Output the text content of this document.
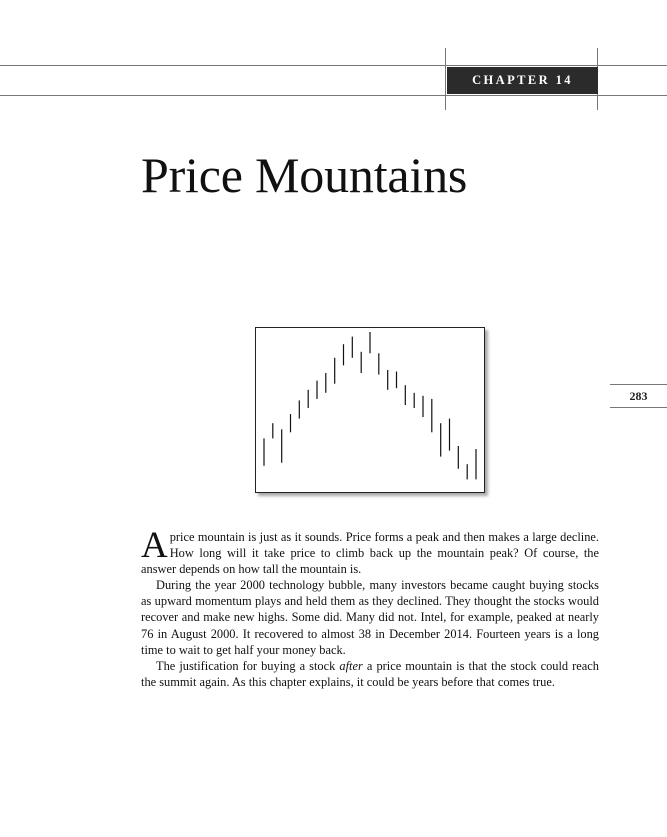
CHAPTER 14
Price Mountains
283

Aprice mountain is just as it sounds. Price forms a peak and then makes a large decline. How long will it take price to climb back up the mountain peak? Of course, the answer depends on how tall the mountain is.

During the year 2000 technology bubble, many investors became caught buying stocks as upward momentum plays and held them as they declined. They thought the stocks would recover and make new highs. Some did. Many did not. Intel, for example, peaked at nearly 76 in August 2000. It recovered to almost 38 in December 2014. Fourteen years is a long time to wait to get half your money back.

The justification for buying a stock after a price mountain is that the stock could reach the summit again. As this chapter explains, it could be years before that comes true.
